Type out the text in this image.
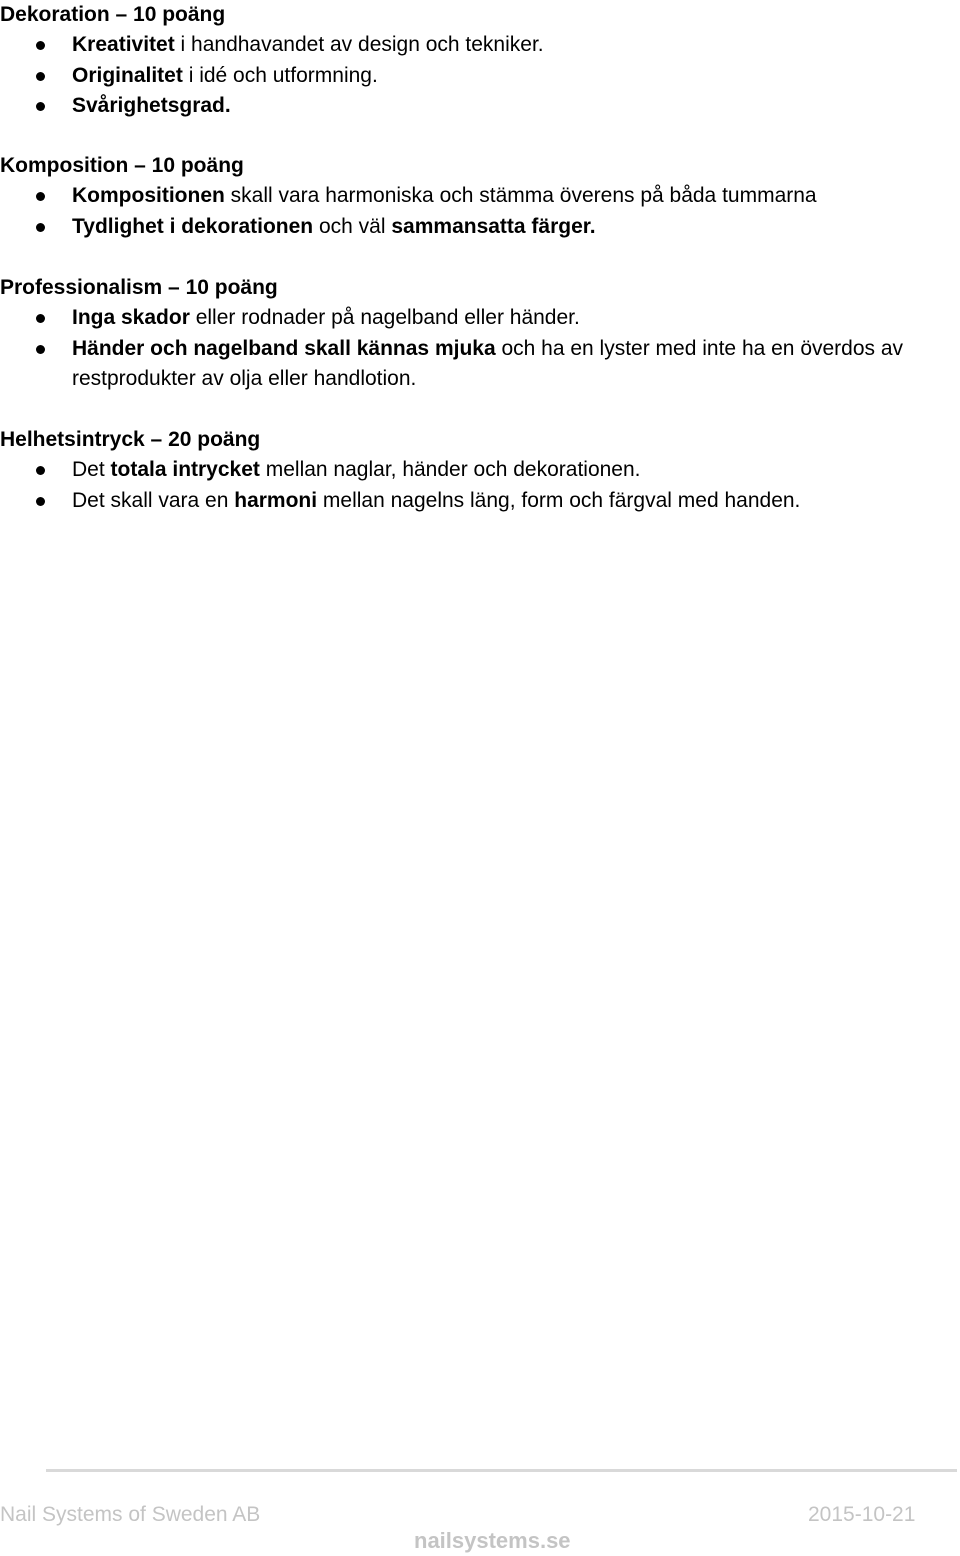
Dekoration – 10 poäng
Kreativitet i handhavandet av design och tekniker.
Originalitet i idé och utformning.
Svårighetsgrad.
Komposition – 10 poäng
Kompositionen skall vara harmoniska och stämma överens på båda tummarna
Tydlighet i dekorationen och väl sammansatta färger.
Professionalism – 10 poäng
Inga skador eller rodnader på nagelband eller händer.
Händer och nagelband skall kännas mjuka och ha en lyster med inte ha en överdos av restprodukter av olja eller handlotion.
Helhetsintryck – 20 poäng
Det totala intrycket mellan naglar, händer och dekorationen.
Det skall vara en harmoni mellan nagelns läng, form och färgval med handen.
Nail Systems of Sweden AB	2015-10-21
nailsystems.se
